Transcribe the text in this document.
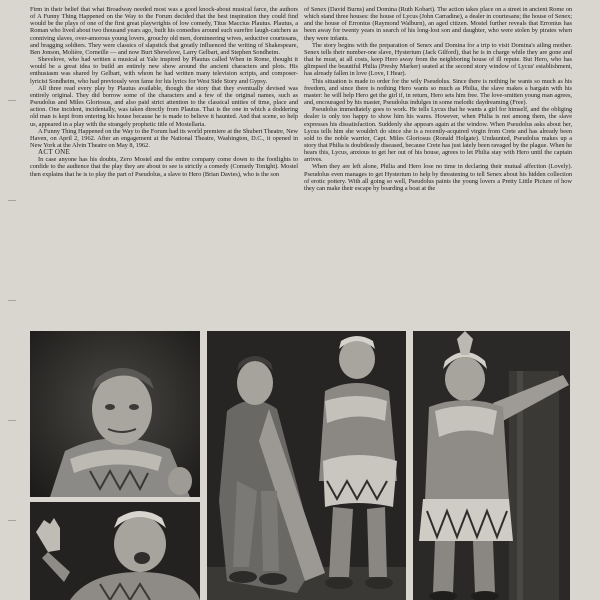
Firm in their belief that what Broadway needed most was a good knock-about musical farce, the authors of A Funny Thing Happened on the Way to the Forum decided that the best inspiration they could find would be the plays of one of the first great playwrights of low comedy, Titus Maccius Plautus. Plautus, a Roman who lived about two thousand years ago, built his comedies around such surefire laugh-catchers as conniving slaves, over-amorous young lovers, grouchy old men, domineering wives, seductive courtesans, and bragging soldiers. They were classics of slapstick that greatly influenced the writing of Shakespeare, Ben Jonson, Molière, Corneille — and now Burt Shevelove, Larry Gelbart, and Stephen Sondheim.

Shevelove, who had written a musical at Yale inspired by Plautus called When in Rome, thought it would be a great idea to build an entirely new show around the ancient characters and plots. His enthusiasm was shared by Gelbart, with whom he had written many television scripts, and composer-lyricist Sondheim, who had previously won fame for his lyrics for West Side Story and Gypsy.

All three read every play by Plautus available, though the story that they eventually devised was entirely original. They did borrow some of the characters and a few of the original names, such as Pseudolus and Miles Gloriosus, and also paid strict attention to the classical unities of time, place and action. One incident, incidentally, was taken directly from Plautus. That is the one in which a doddering old man is kept from entering his house because he is made to believe it haunted. And that scene, so help us, appeared in a play with the strangely prophetic title of Mostellaria.

A Funny Thing Happened on the Way to the Forum had its world premiere at the Shubert Theatre, New Haven, on April 2, 1962. After an engagement at the National Theatre, Washington, D.C., it opened in New York at the Alvin Theatre on May 8, 1962.

ACT ONE

In case anyone has his doubts, Zero Mostel and the entire company come down to the footlights to confide to the audience that the play they are about to see is strictly a comedy (Comedy Tonight). Mostel then explains that he is to play the part of Pseudolus, a slave to Hero (Brian Davies), who is the son

of Senex (David Burns) and Domina (Ruth Kobart). The action takes place on a street in ancient Rome on which stand three houses: the house of Lycus (John Carradine), a dealer in courtesans; the house of Senex; and the house of Erronius (Raymond Walburn), an aged citizen. Mostel further reveals that Erronius has been away for twenty years in search of his long-lost son and daughter, who were stolen by pirates when they were infants.

The story begins with the preparation of Senex and Domina for a trip to visit Domina's ailing mother. Senex tells their number-one slave, Hysterium (Jack Gilford), that he is in charge while they are gone and that he must, at all costs, keep Hero away from the neighboring house of ill repute. But Hero, who has glimpsed the beautiful Philia (Preshy Marker) seated at the second story window of Lycus' establishment, has already fallen in love (Love, I Hear).

This situation is made to order for the wily Pseudolus. Since there is nothing he wants so much as his freedom, and since there is nothing Hero wants so much as Philia, the slave makes a bargain with his master: he will help Hero get the girl if, in return, Hero sets him free. The love-smitten young man agrees, and, encouraged by his master, Pseudolus indulges in some melodic daydreaming (Free).

Pseudolus immediately goes to work. He tells Lycus that he wants a girl for himself, and the obliging dealer is only too happy to show him his wares. However, when Philia is not among them, the slave expresses his dissatisfaction. Suddenly she appears again at the window. When Pseudolus asks about her, Lycus tells him she wouldn't do since she is a recently-acquired virgin from Crete and has already been sold to the noble warrior, Capt. Miles Gloriosus (Ronald Holgate). Undaunted, Pseudolus makes up a story that Philia is doubtlessly diseased, because Crete has just lately been ravaged by the plague. When he hears this, Lycus, anxious to get her out of his house, agrees to let Philia stay with Hero until the captain arrives.

When they are left alone, Philia and Hero lose no time in declaring their mutual affection (Lovely). Pseudolus even manages to get Hysterium to help by threatening to tell Senex about his hidden collection of erotic pottery. With all going so well, Pseudolus paints the young lovers a Pretty Little Picture of how they can make their escape by boarding a boat at the
